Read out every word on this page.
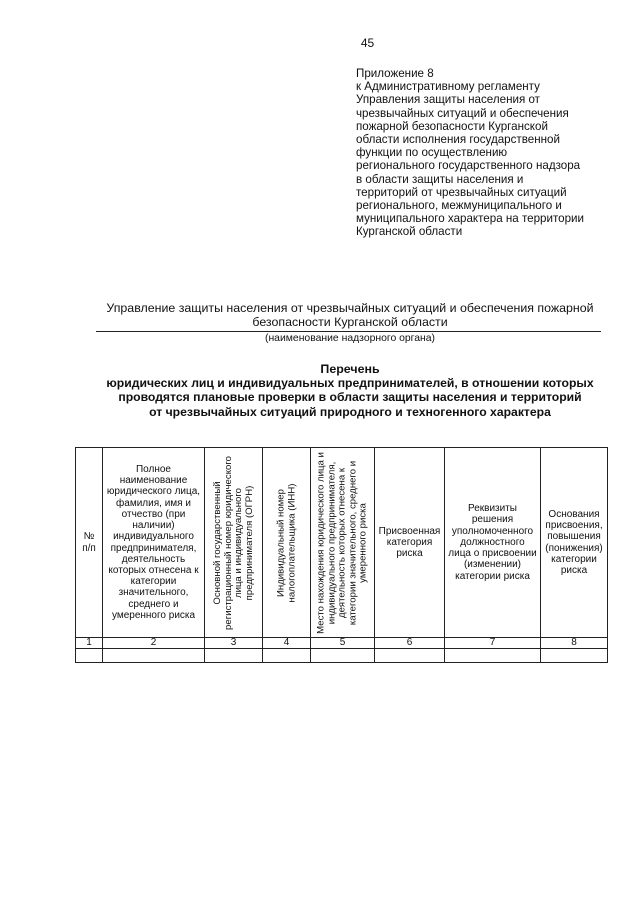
45
Приложение 8
к Административному регламенту
Управления защиты населения от
чрезвычайных ситуаций и обеспечения
пожарной безопасности Курганской
области исполнения государственной
функции по осуществлению
регионального государственного надзора
в области защиты населения и
территорий от чрезвычайных ситуаций
регионального, межмуниципального и
муниципального характера на территории
Курганской области
Управление защиты населения от чрезвычайных ситуаций и обеспечения пожарной
безопасности Курганской области
(наименование надзорного органа)
Перечень
юридических лиц и индивидуальных предпринимателей, в отношении которых
проводятся плановые проверки в области защиты населения и территорий
от чрезвычайных ситуаций природного и техногенного характера
№ п/п	Полное наименование юридического лица, фамилия, имя и отчество (при наличии) индивидуального предпринимателя, деятельность которых отнесена к категории значительного, среднего и умеренного риска	Основной государственный регистрационный номер юридического лица и индивидуального предпринимателя (ОГРН)	Индивидуальный номер налогоплательщика (ИНН)	Место нахождения юридического лица и индивидуального предпринимателя, деятельность которых отнесена к категории значительного, среднего и умеренного риска	Присвоенная категория риска	Реквизиты решения уполномоченного должностного лица о присвоении (изменении) категории риска	Основания присвоения, повышения (понижения) категории риска

1	2	3	4	5	6	7	8
